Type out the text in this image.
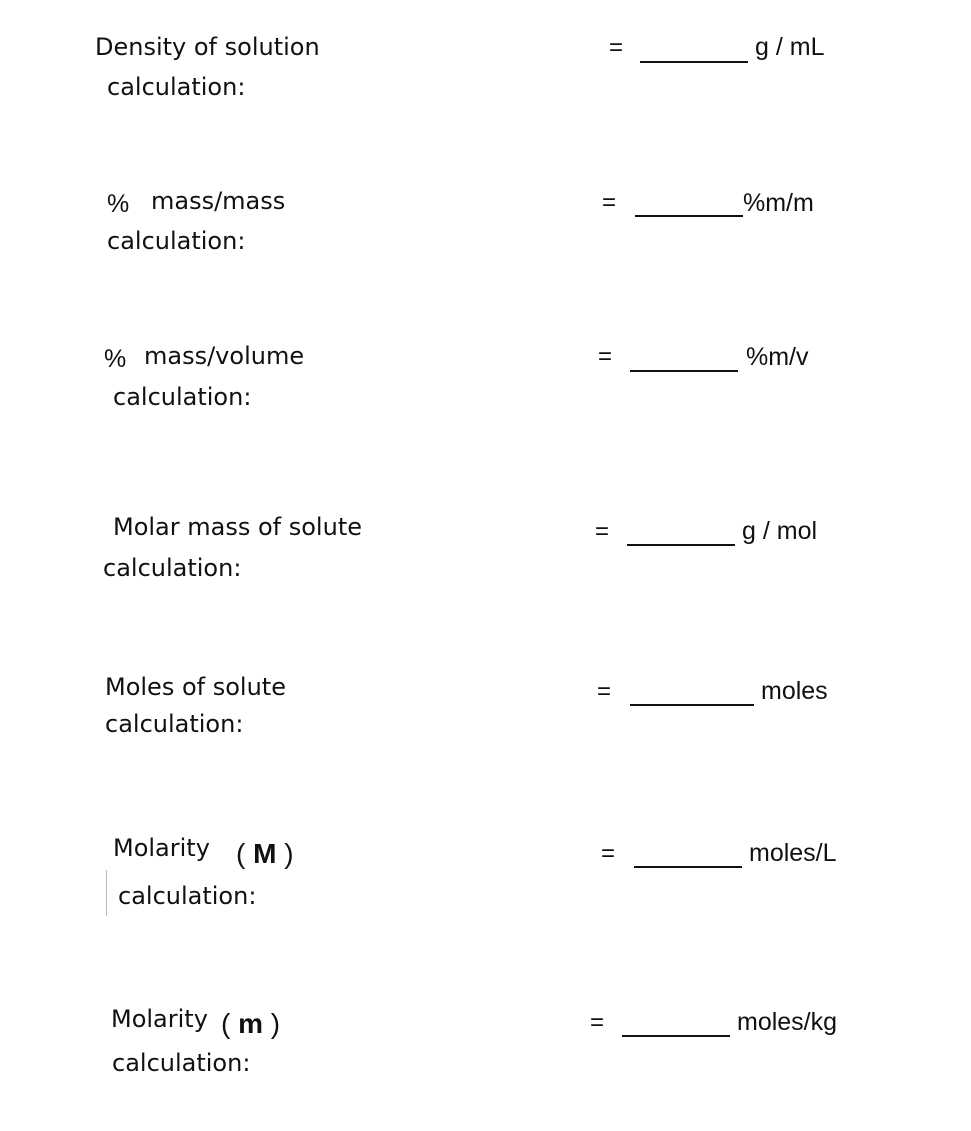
Density of solution
calculation:
=	g / mL
% mass/mass
calculation:
=	%m/m
% mass/volume
calculation:
=	%m/v
Molar mass of solute
calculation:
=	g / mol
Moles of solute
calculation:
=	moles
Molarity ( M )
calculation:
=	moles/L
Molarity ( m )
calculation:
=	moles/kg
